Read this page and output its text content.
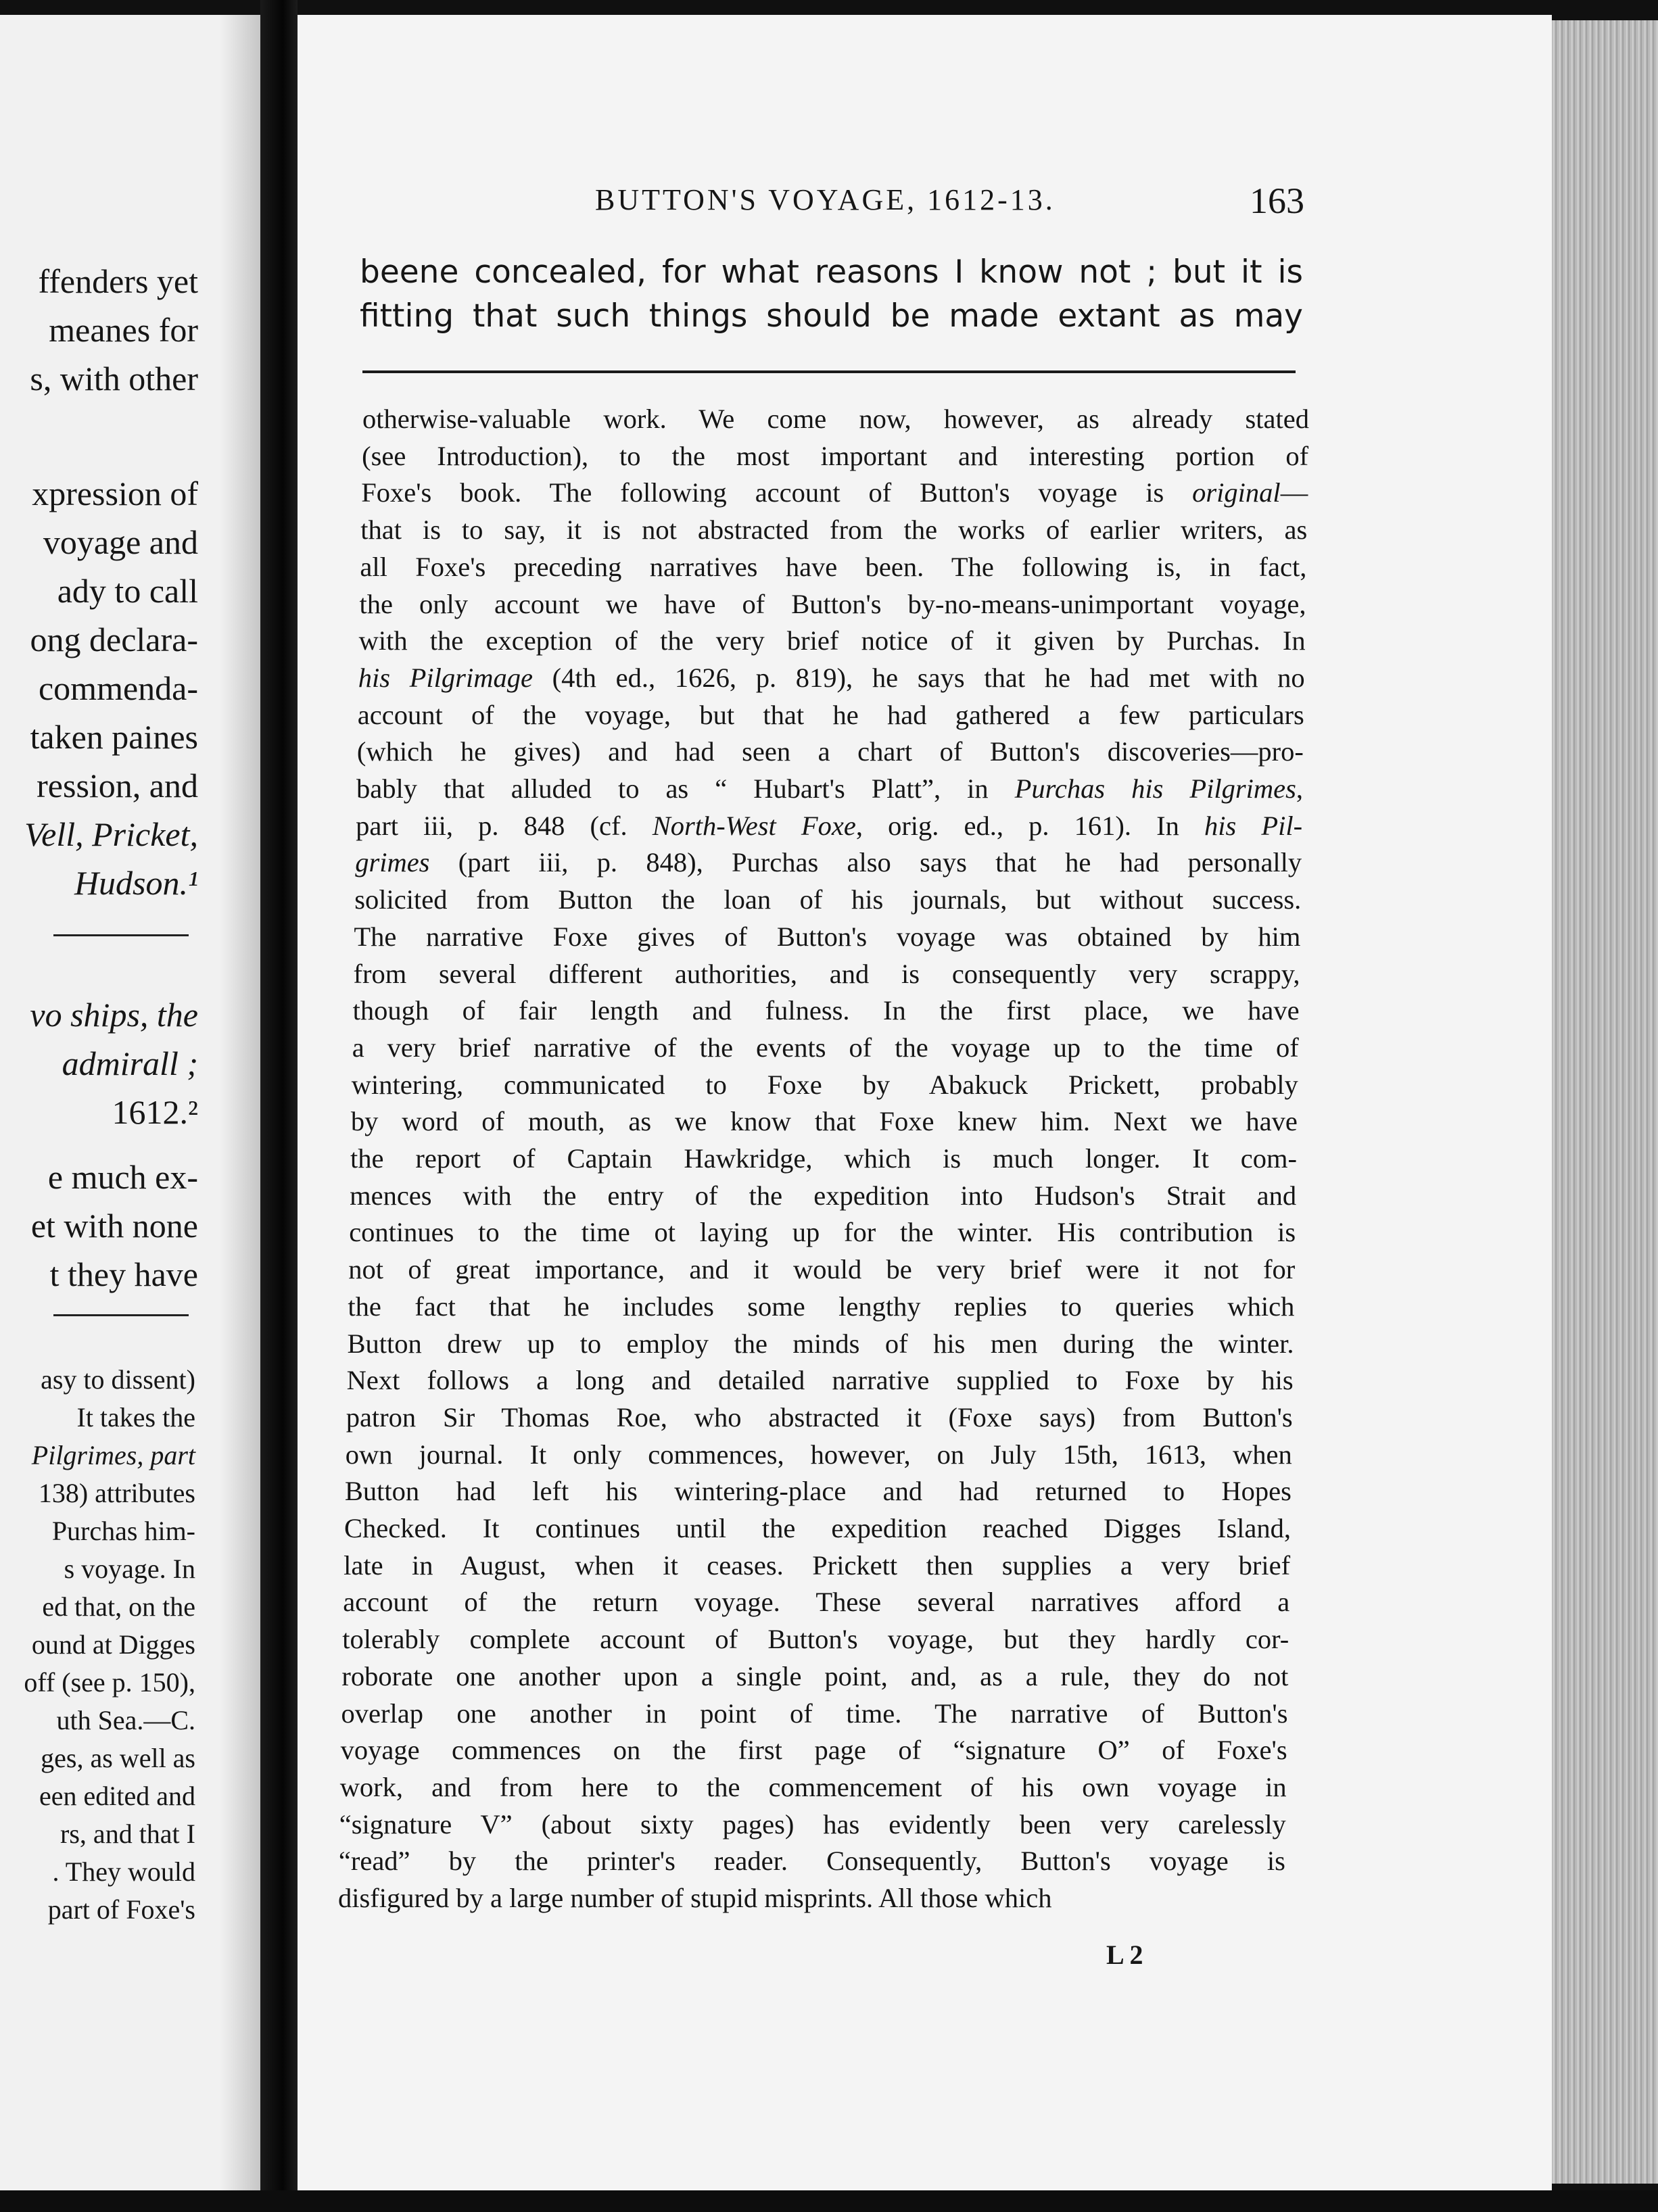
ffenders yet
meanes for
s, with other
xpression of
voyage and
ady to call
ong declara-
commenda-
taken paines
ression, and
Vell, Pricket,
Hudson.¹
vo ships, the
admirall ;
1612.²
e much ex-
et with none
t they have
asy to dissent)
It takes the
Pilgrimes, part
138) attributes
Purchas him-
s voyage. In
ed that, on the
ound at Digges
off (see p. 150),
uth Sea.—C.
ges, as well as
een edited and
rs, and that I
. They would
part of Foxe's
BUTTON'S VOYAGE, 1612-13.	163
beene concealed, for what reasons I know not ; but it is
fitting that such things should be made extant as may
otherwise-valuable work. We come now, however, as already stated
(see Introduction), to the most important and interesting portion of
Foxe's book. The following account of Button's voyage is original—
that is to say, it is not abstracted from the works of earlier writers, as
all Foxe's preceding narratives have been. The following is, in fact,
the only account we have of Button's by-no-means-unimportant voyage,
with the exception of the very brief notice of it given by Purchas. In
his Pilgrimage (4th ed., 1626, p. 819), he says that he had met with no
account of the voyage, but that he had gathered a few particulars
(which he gives) and had seen a chart of Button's discoveries—pro-
bably that alluded to as “ Hubart's Platt”, in Purchas his Pilgrimes,
part iii, p. 848 (cf. North-West Foxe, orig. ed., p. 161). In his Pil-
grimes (part iii, p. 848), Purchas also says that he had personally
solicited from Button the loan of his journals, but without success.
The narrative Foxe gives of Button's voyage was obtained by him
from several different authorities, and is consequently very scrappy,
though of fair length and fulness. In the first place, we have
a very brief narrative of the events of the voyage up to the time of
wintering, communicated to Foxe by Abakuck Prickett, probably
by word of mouth, as we know that Foxe knew him. Next we have
the report of Captain Hawkridge, which is much longer. It com-
mences with the entry of the expedition into Hudson's Strait and
continues to the time ot laying up for the winter. His contribution is
not of great importance, and it would be very brief were it not for
the fact that he includes some lengthy replies to queries which
Button drew up to employ the minds of his men during the winter.
Next follows a long and detailed narrative supplied to Foxe by his
patron Sir Thomas Roe, who abstracted it (Foxe says) from Button's
own journal. It only commences, however, on July 15th, 1613, when
Button had left his wintering-place and had returned to Hopes
Checked. It continues until the expedition reached Digges Island,
late in August, when it ceases. Prickett then supplies a very brief
account of the return voyage. These several narratives afford a
tolerably complete account of Button's voyage, but they hardly cor-
roborate one another upon a single point, and, as a rule, they do not
overlap one another in point of time. The narrative of Button's
voyage commences on the first page of “signature O” of Foxe's
work, and from here to the commencement of his own voyage in
“signature V” (about sixty pages) has evidently been very carelessly
“read” by the printer's reader. Consequently, Button's voyage is
disfigured by a large number of stupid misprints. All those which
L 2
